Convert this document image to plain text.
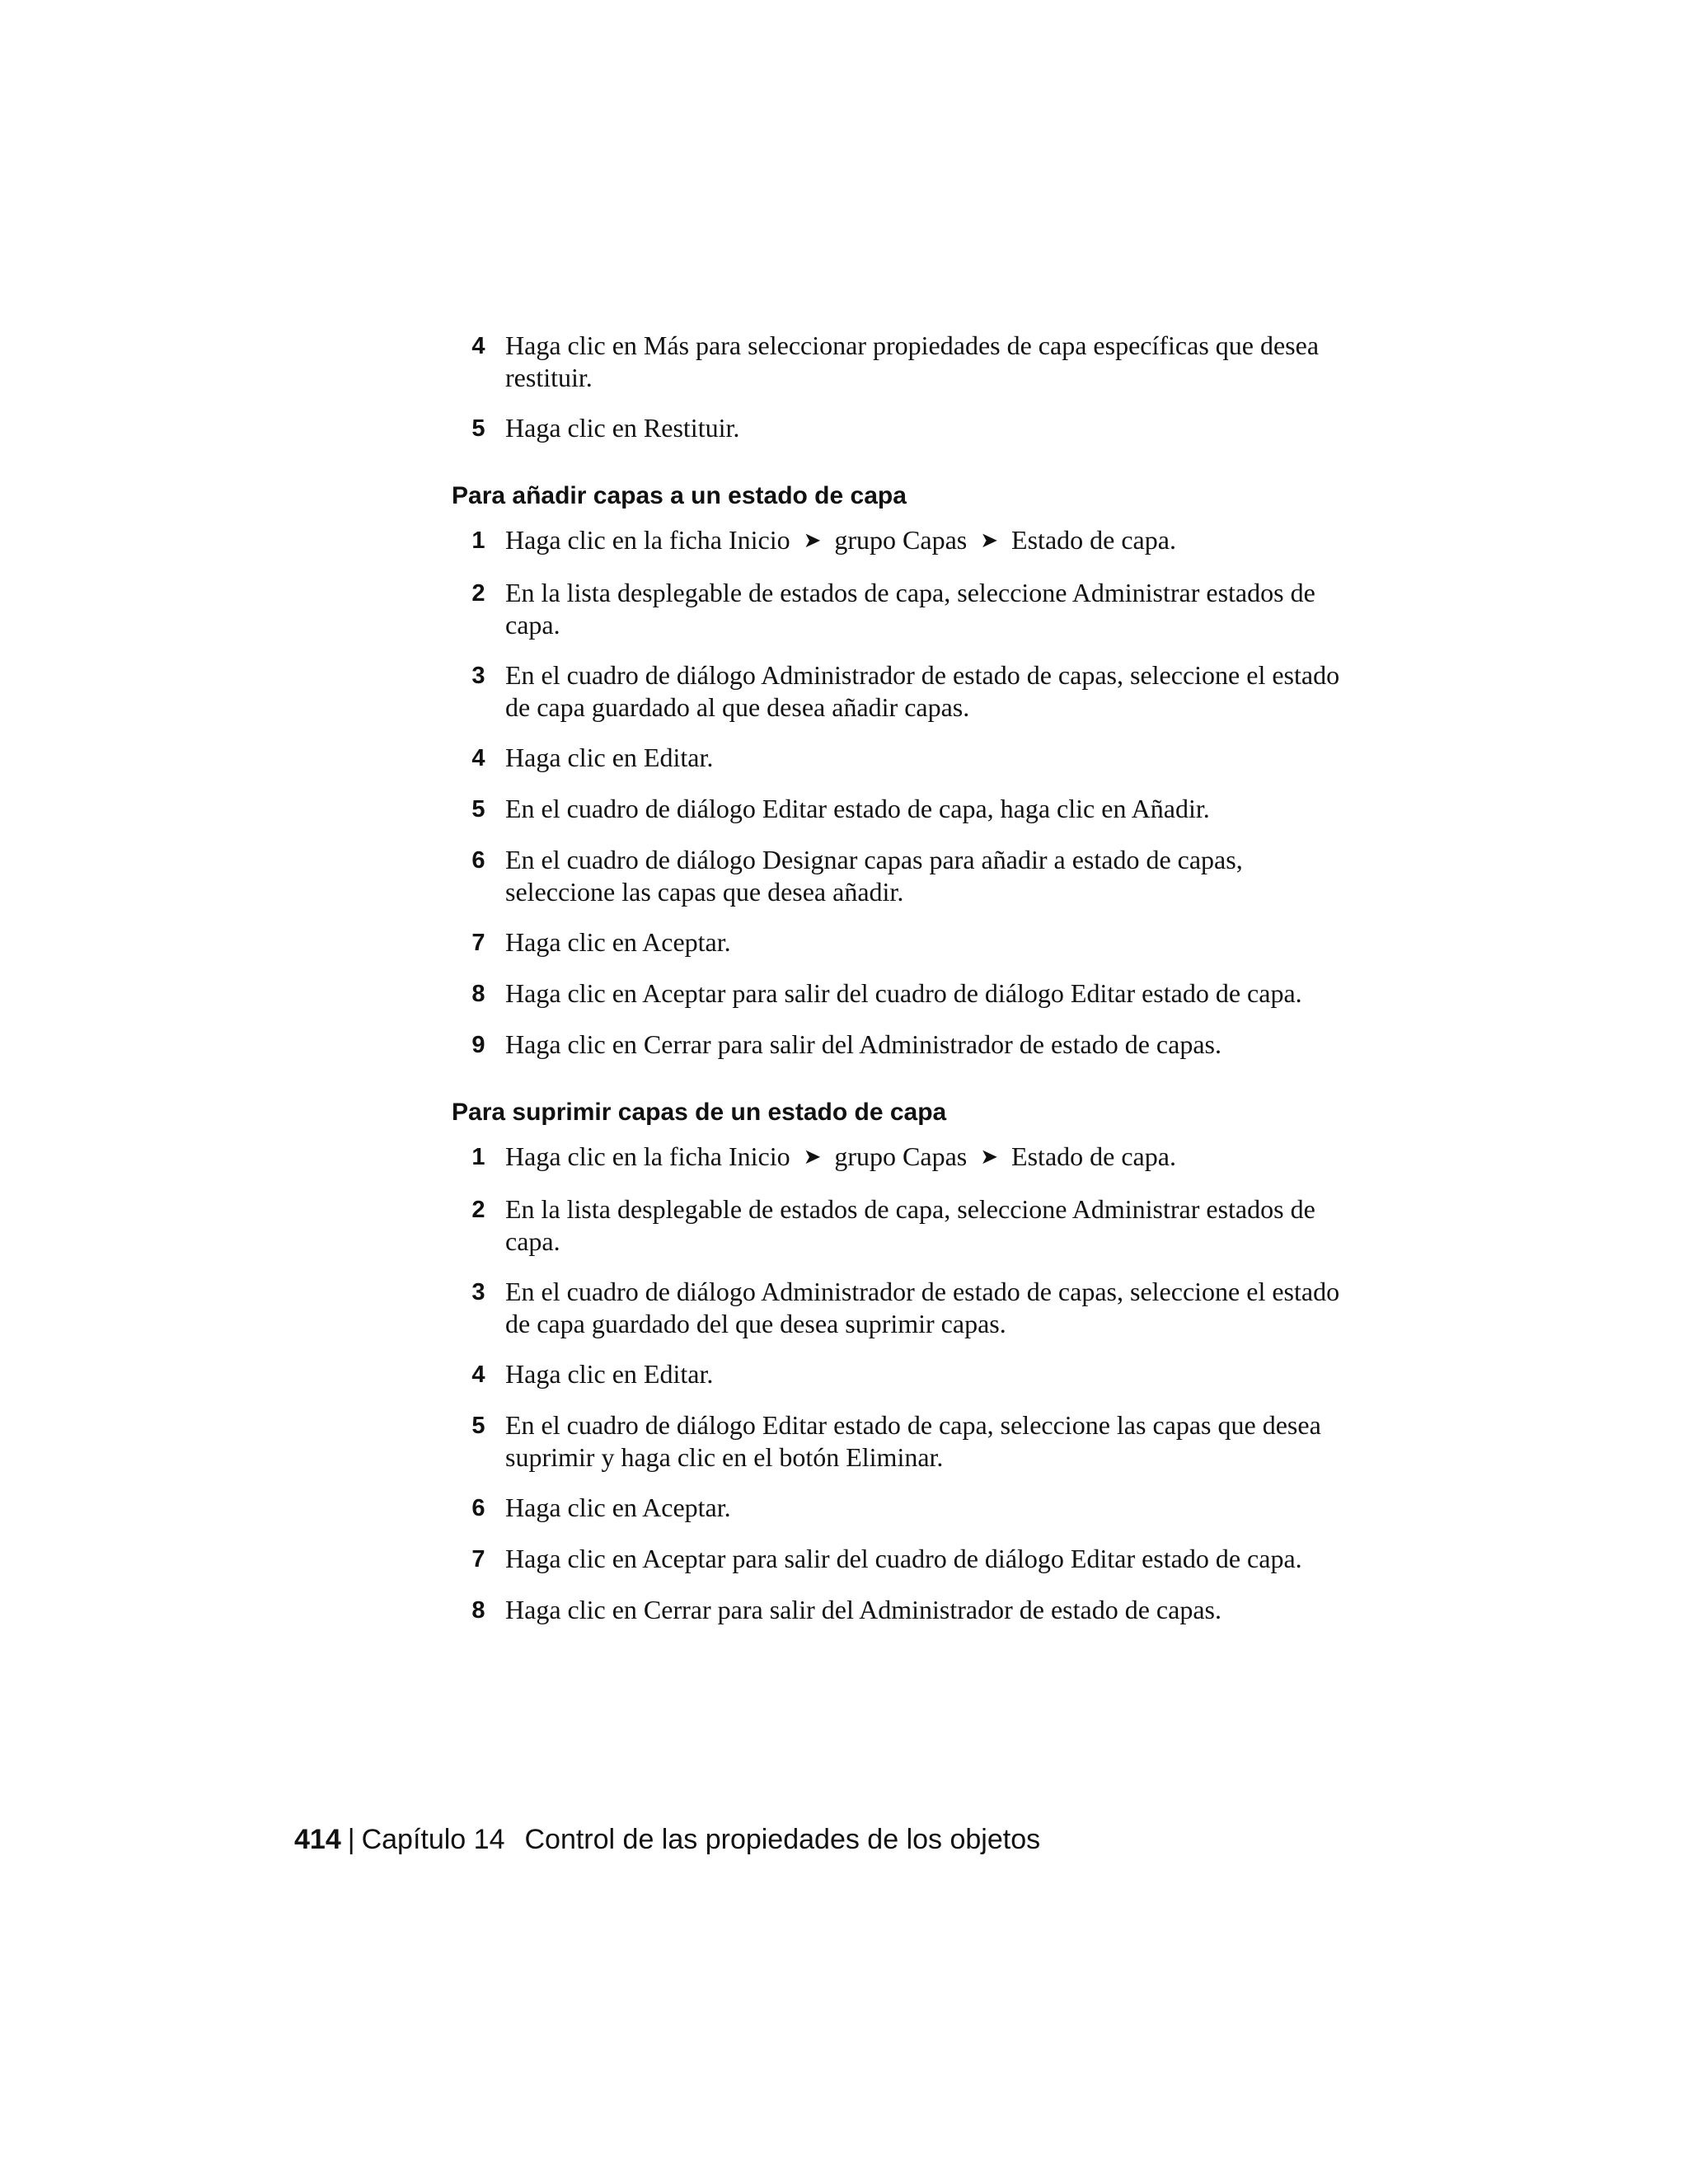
4 Haga clic en Más para seleccionar propiedades de capa específicas que desea restituir.
5 Haga clic en Restituir.
Para añadir capas a un estado de capa
1 Haga clic en la ficha Inicio ➤ grupo Capas ➤ Estado de capa.
2 En la lista desplegable de estados de capa, seleccione Administrar estados de capa.
3 En el cuadro de diálogo Administrador de estado de capas, seleccione el estado de capa guardado al que desea añadir capas.
4 Haga clic en Editar.
5 En el cuadro de diálogo Editar estado de capa, haga clic en Añadir.
6 En el cuadro de diálogo Designar capas para añadir a estado de capas, seleccione las capas que desea añadir.
7 Haga clic en Aceptar.
8 Haga clic en Aceptar para salir del cuadro de diálogo Editar estado de capa.
9 Haga clic en Cerrar para salir del Administrador de estado de capas.
Para suprimir capas de un estado de capa
1 Haga clic en la ficha Inicio ➤ grupo Capas ➤ Estado de capa.
2 En la lista desplegable de estados de capa, seleccione Administrar estados de capa.
3 En el cuadro de diálogo Administrador de estado de capas, seleccione el estado de capa guardado del que desea suprimir capas.
4 Haga clic en Editar.
5 En el cuadro de diálogo Editar estado de capa, seleccione las capas que desea suprimir y haga clic en el botón Eliminar.
6 Haga clic en Aceptar.
7 Haga clic en Aceptar para salir del cuadro de diálogo Editar estado de capa.
8 Haga clic en Cerrar para salir del Administrador de estado de capas.
414 | Capítulo 14 Control de las propiedades de los objetos
